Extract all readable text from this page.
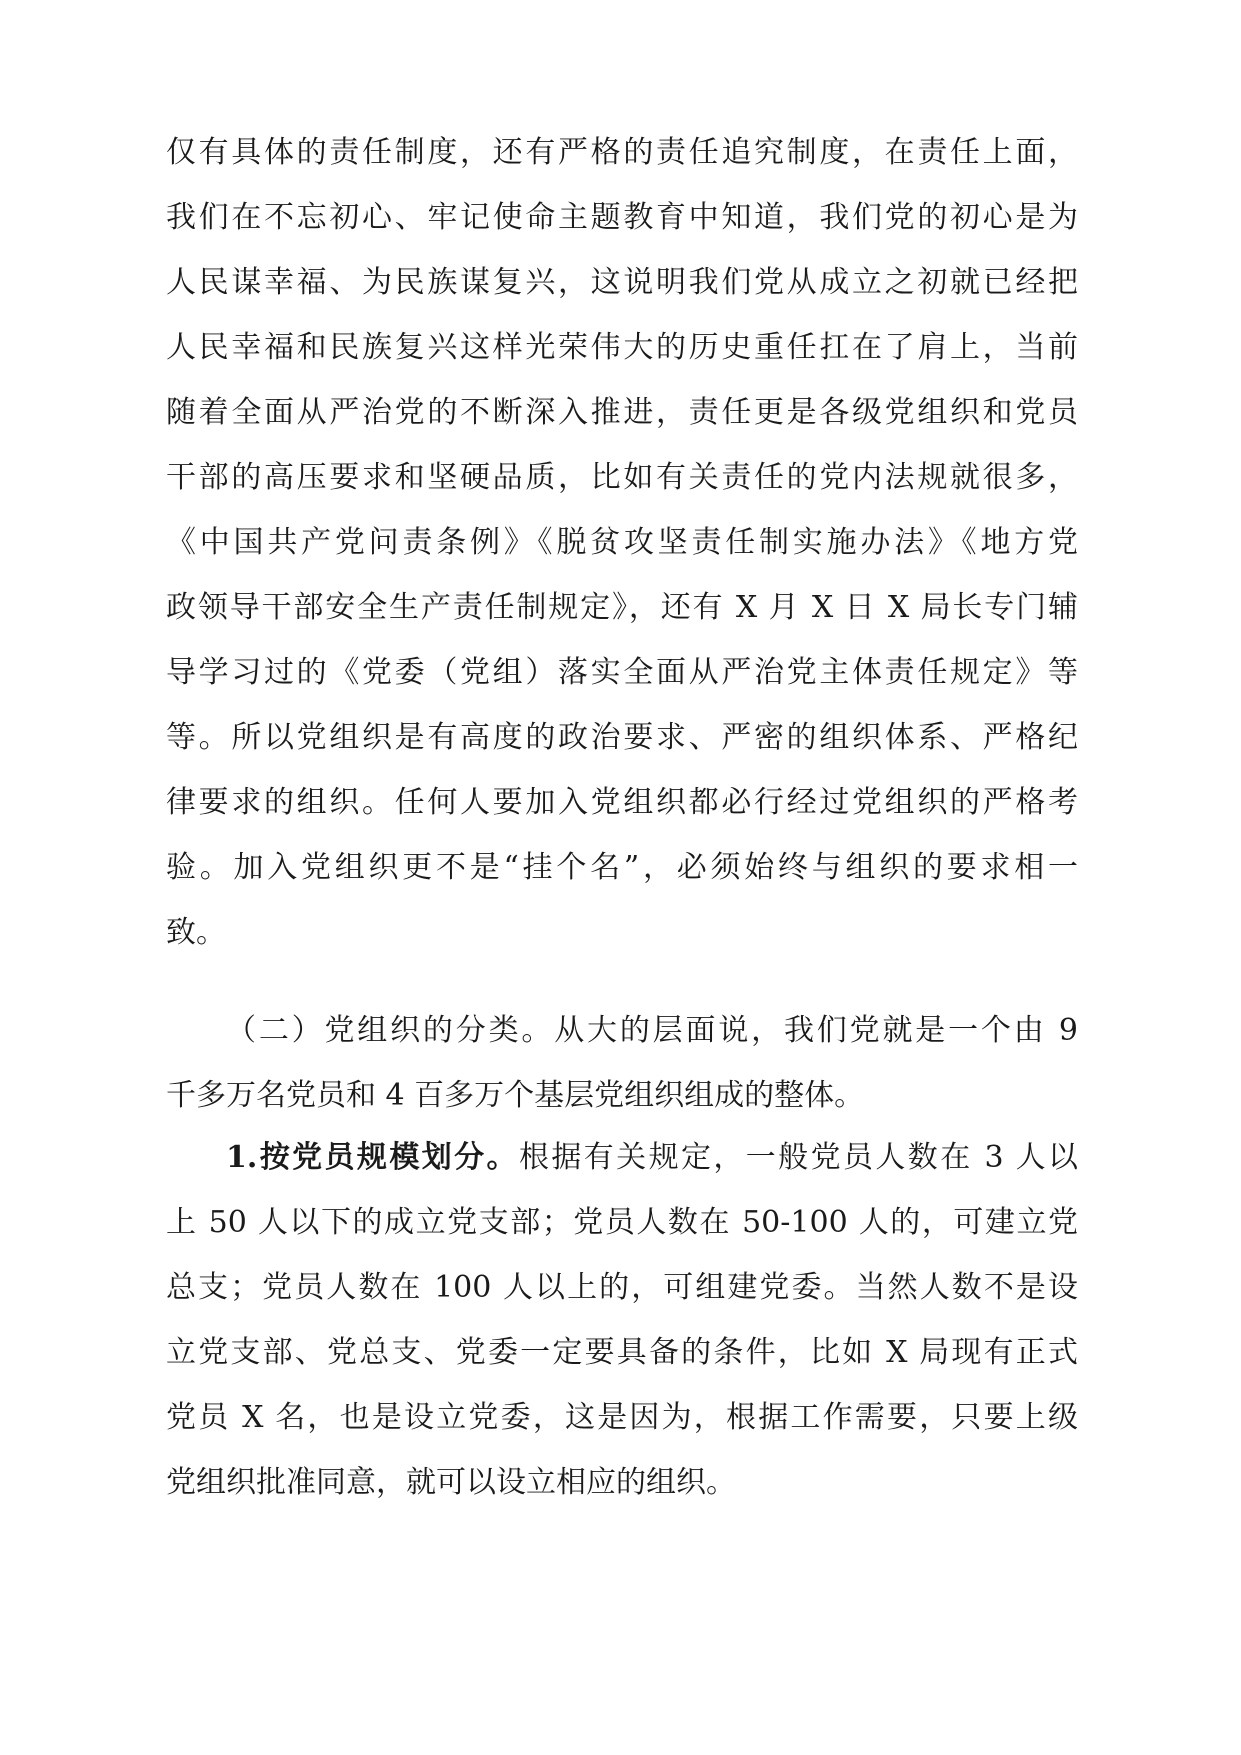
仅有具体的责任制度，还有严格的责任追究制度，在责任上面，
我们在不忘初心、牢记使命主题教育中知道，我们党的初心是为
人民谋幸福、为民族谋复兴，这说明我们党从成立之初就已经把
人民幸福和民族复兴这样光荣伟大的历史重任扛在了肩上，当前
随着全面从严治党的不断深入推进，责任更是各级党组织和党员
干部的高压要求和坚硬品质，比如有关责任的党内法规就很多，
《中国共产党问责条例》《脱贫攻坚责任制实施办法》《地方党
政领导干部安全生产责任制规定》，还有 X 月 X 日 X 局长专门辅
导学习过的《党委（党组）落实全面从严治党主体责任规定》等
等。所以党组织是有高度的政治要求、严密的组织体系、严格纪
律要求的组织。任何人要加入党组织都必行经过党组织的严格考
验。加入党组织更不是“挂个名”，必须始终与组织的要求相一
致。
（二）党组织的分类。从大的层面说，我们党就是一个由 9
千多万名党员和 4 百多万个基层党组织组成的整体。
1.按党员规模划分。根据有关规定，一般党员人数在 3 人以
上 50 人以下的成立党支部；党员人数在 50-100 人的，可建立党
总支；党员人数在 100 人以上的，可组建党委。当然人数不是设
立党支部、党总支、党委一定要具备的条件，比如 X 局现有正式
党员 X 名，也是设立党委，这是因为，根据工作需要，只要上级
党组织批准同意，就可以设立相应的组织。
